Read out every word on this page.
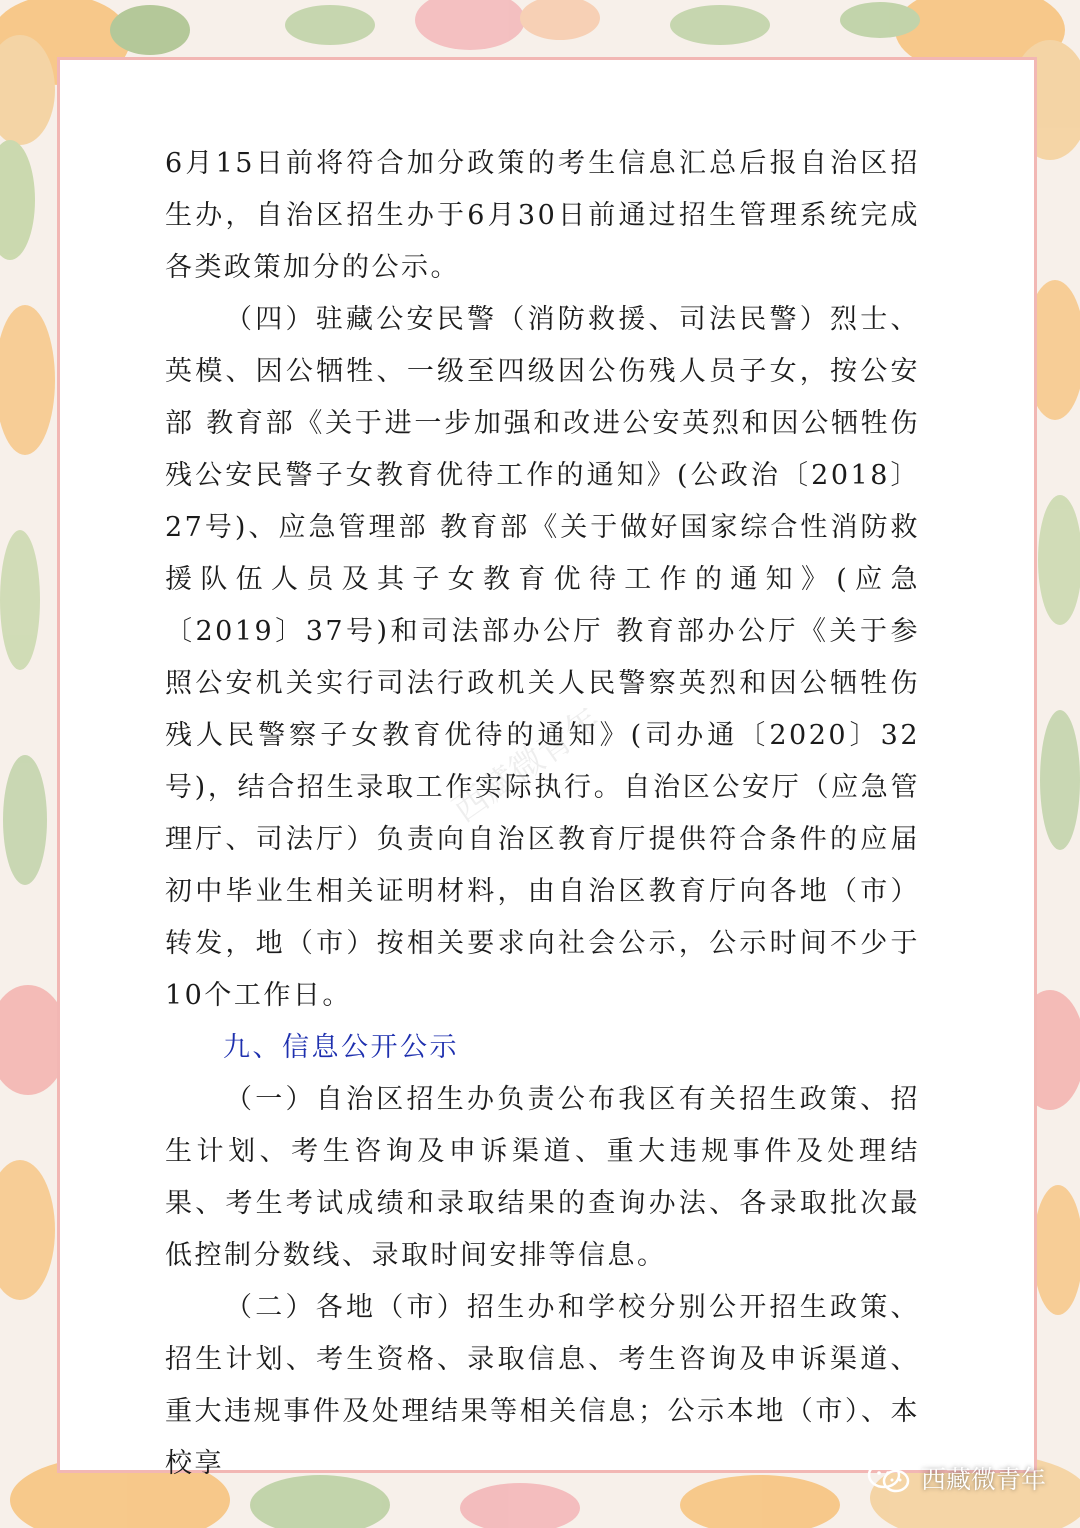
6月15日前将符合加分政策的考生信息汇总后报自治区招生办，自治区招生办于6月30日前通过招生管理系统完成各类政策加分的公示。

（四）驻藏公安民警（消防救援、司法民警）烈士、英模、因公牺牲、一级至四级因公伤残人员子女，按公安部 教育部《关于进一步加强和改进公安英烈和因公牺牲伤残公安民警子女教育优待工作的通知》(公政治〔2018〕27号)、应急管理部 教育部《关于做好国家综合性消防救援队伍人员及其子女教育优待工作的通知》(应急〔2019〕37号)和司法部办公厅 教育部办公厅《关于参照公安机关实行司法行政机关人民警察英烈和因公牺牲伤残人民警察子女教育优待的通知》(司办通〔2020〕32号)，结合招生录取工作实际执行。自治区公安厅（应急管理厅、司法厅）负责向自治区教育厅提供符合条件的应届初中毕业生相关证明材料，由自治区教育厅向各地（市）转发，地（市）按相关要求向社会公示，公示时间不少于10个工作日。

九、信息公开公示

（一）自治区招生办负责公布我区有关招生政策、招生计划、考生咨询及申诉渠道、重大违规事件及处理结果、考生考试成绩和录取结果的查询办法、各录取批次最低控制分数线、录取时间安排等信息。

（二）各地（市）招生办和学校分别公开招生政策、招生计划、考生资格、录取信息、考生咨询及申诉渠道、重大违规事件及处理结果等相关信息；公示本地（市）、本校享

西藏微青年
西藏微青年
